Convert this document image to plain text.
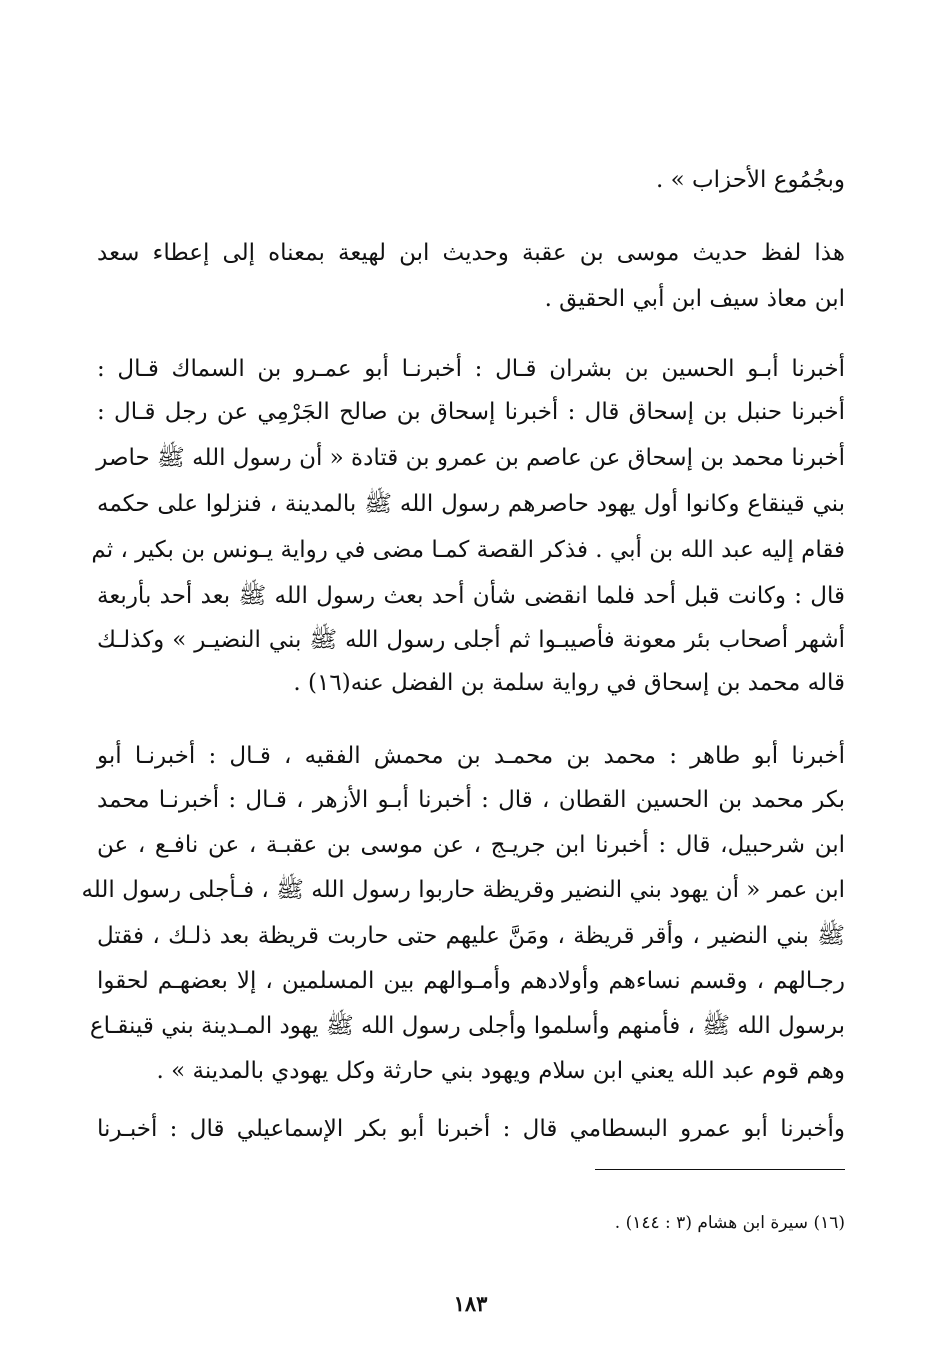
وبجُمُوع الأحزاب » .
هذا لفظ حديث موسى بن عقبة وحديث ابن لهيعة بمعناه إلى إعطاء سعد
ابن معاذ سيف ابن أبي الحقيق .
أخبرنا أبـو الحسين بن بشران قـال : أخبرنـا أبو عمـرو بن السماك قـال :
أخبرنا حنبل بن إسحاق قال : أخبرنا إسحاق بن صالح الجَرْمِي عن رجل قـال :
أخبرنا محمد بن إسحاق عن عاصم بن عمرو بن قتادة « أن رسول الله ﷺ حاصر
بني قينقاع وكانوا أول يهود حاصرهم رسول الله ﷺ بالمدينة ، فنزلوا على حكمه
فقام إليه عبد الله بن أبي . فذكر القصة كمـا مضى في رواية يـونس بن بكير ، ثم
قال : وكانت قبل أحد فلما انقضى شأن أحد بعث رسول الله ﷺ بعد أحد بأربعة
أشهر أصحاب بئر معونة فأصيبـوا ثم أجلى رسول الله ﷺ بني النضيـر » وكذلـك
قاله محمد بن إسحاق في رواية سلمة بن الفضل عنه(١٦) .
أخبرنا أبو طاهر : محمد بن محمـد بن محمش الفقيه ، قـال : أخبرنـا أبو
بكر محمد بن الحسين القطان ، قال : أخبرنا أبـو الأزهر ، قـال : أخبرنـا محمد
ابن شرحبيل، قال : أخبرنا ابن جريـج ، عن موسى بن عقبـة ، عن نافـع ، عن
ابن عمر « أن يهود بني النضير وقريظة حاربوا رسول الله ﷺ ، فـأجلى رسول الله
ﷺ بني النضير ، وأقر قريظة ، ومَنَّ عليهم حتى حاربت قريظة بعد ذلـك ، فقتل
رجـالهم ، وقسم نساءهم وأولادهم وأمـوالهم بين المسلمين ، إلا بعضهـم لحقوا
برسول الله ﷺ ، فأمنهم وأسلموا وأجلى رسول الله ﷺ يهود المـدينة بني قينقـاع
وهم قوم عبد الله يعني ابن سلام ويهود بني حارثة وكل يهودي بالمدينة » .
وأخبرنا أبو عمرو البسطامي قال : أخبرنا أبو بكر الإسماعيلي قال : أخبـرنا
(١٦) سيرة ابن هشام (٣ : ١٤٤) .
١٨٣
